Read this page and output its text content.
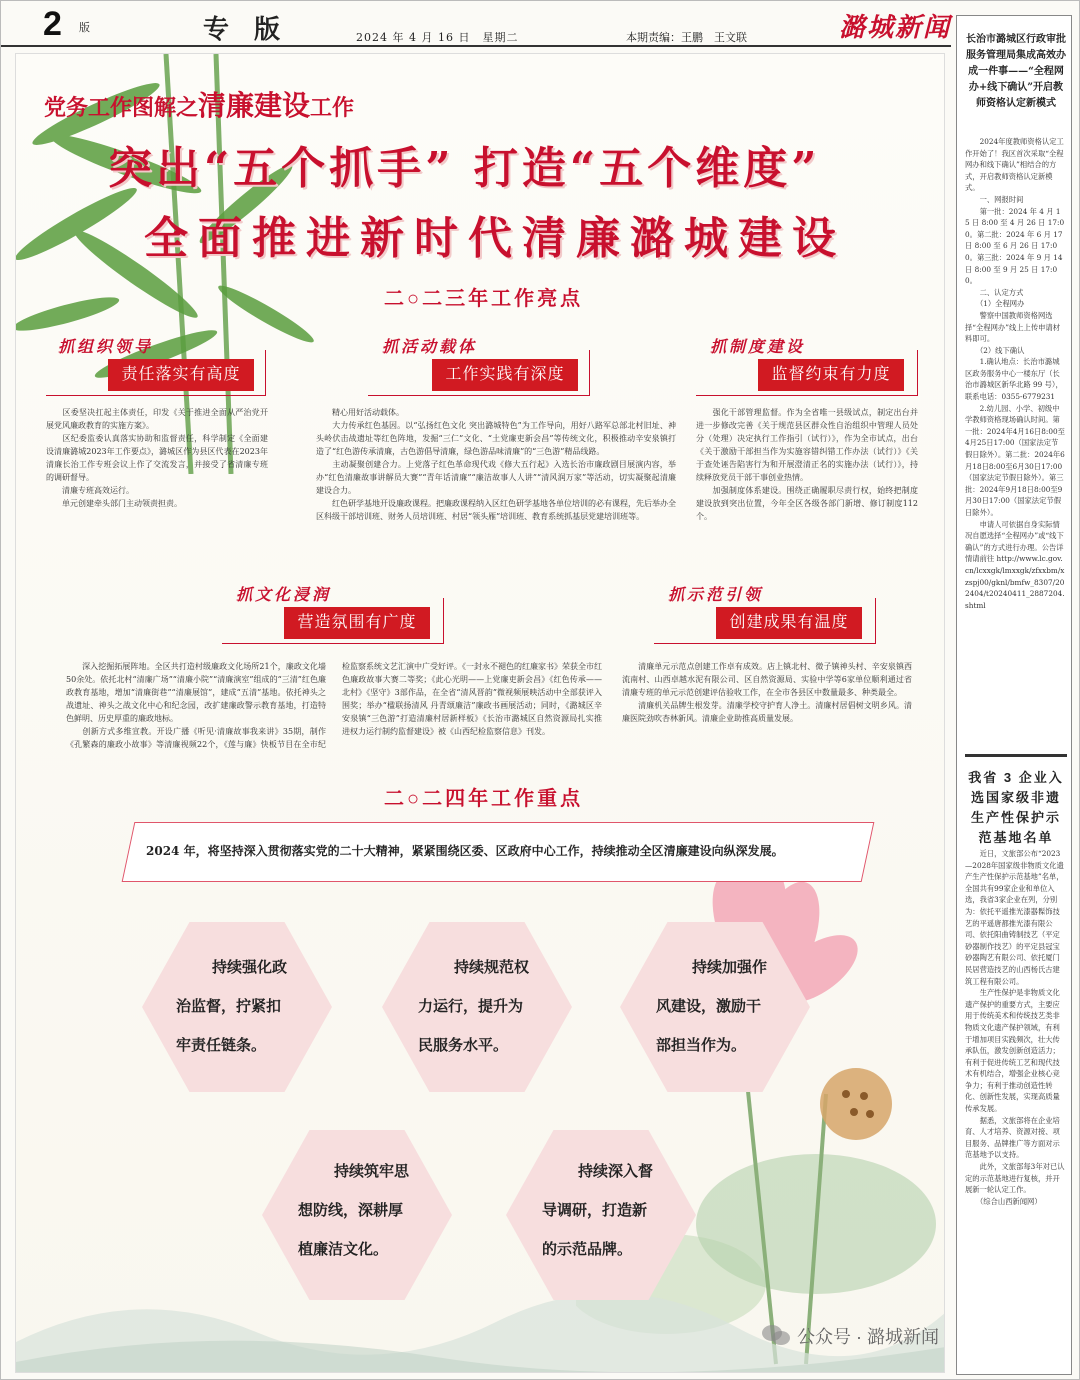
2 版	专 版	2024 年 4 月 16 日　星期二	本期责编：王鹏　王文联	潞城新闻
党务工作图解之清廉建设工作
突出“五个抓手” 打造“五个维度”
全面推进新时代清廉潞城建设
二○二三年工作亮点
抓组织领导
责任落实有高度
　　区委坚决扛起主体责任，印发《关于推进全面从严治党开展党风廉政教育的实施方案》。
　　区纪委监委认真落实协助和监督责任，科学制定《全面建设清廉潞城2023年工作要点》，潞城区作为县区代表在2023年清廉长治工作专班会议上作了交流发言，并接受了省清廉专班的调研督导。
　　清廉专班高效运行。
　　单元创建牵头部门主动领责担责。
抓活动载体
工作实践有深度
　　精心用好活动载体。
　　大力传承红色基因。以“弘扬红色文化 突出潞城特色”为工作导向，用好八路军总部北村旧址、神头岭伏击战遗址等红色阵地，发掘“三仁”文化、“土党廉吏新会昌”等传统文化，积极推动辛安泉镇打造了“红色游传承清廉，古色游倡导清廉，绿色游品味清廉”的“三色游”精品线路。
　　主动凝聚创建合力。上党落子红色革命现代戏《修大五行起》入选长治市廉政剧目展演内容，举办“红色清廉故事讲解员大赛”“青年话清廉”“廉洁故事人人讲”“清风润万家”等活动，切实凝聚起清廉建设合力。
　　红色研学基地开设廉政课程。把廉政课程纳入区红色研学基地各单位培训的必有课程，先后举办全区科级干部培训班、财务人员培训班、村居“领头雁”培训班、教育系统抓基层党建培训班等。
抓制度建设
监督约束有力度
　　强化干部管理监督。作为全省唯一县级试点，制定出台并进一步修改完善《关于规范县区群众性自治组织中管理人员处分（处理）决定执行工作指引（试行）》，作为全市试点，出台《关于激励干部担当作为实施容错纠错工作办法（试行）》《关于查处诬告陷害行为和开展澄清正名的实施办法（试行）》，持续释放党员干部干事创业热情。
　　加强制度体系建设。围绕正确履职尽责行权，始终把制度建设放到突出位置，今年全区各级各部门新增、修订制度112个。
抓文化浸润
营造氛围有广度
　　深入挖掘拓展阵地。全区共打造村级廉政文化场所21个，廉政文化墙50余处。依托北村“清廉广场”“清廉小院”“清廉演室”组成的“三清”红色廉政教育基地，增加“清廉街巷”“清廉展馆”，建成“五清”基地。依托神头之战遗址、神头之战文化中心和纪念园，改扩建廉政警示教育基地，打造特色鲜明、历史厚重的廉政地标。
　　创新方式多维宣教。开设广播《听见·清廉故事我来讲》35期，制作《孔繁森的廉政小故事》等清廉视频22个，《莲与廉》快板节目在全市纪检监察系统文艺汇演中广受好评。《一封永不褪色的红廉家书》荣获全市红色廉政故事大赛二等奖；《此心光明——上党廉吏新会昌》《红色传承——北村》《坚守》3部作品，在全省“清风晋韵”微视频展映活动中全部获评入围奖；举办“楹联扬清风 丹青颂廉洁”廉政书画展活动；同时，《潞城区辛安泉镇“三色游”打造清廉村居新样板》《长治市潞城区自然资源局扎实推进权力运行制约监督建设》被《山西纪检监察信息》刊发。
抓示范引领
创建成果有温度
　　清廉单元示范点创建工作卓有成效。店上镇北村、微子镇神头村、辛安泉镇西流南村、山西卓越水泥有限公司、区自然资源局、实验中学等6家单位顺利通过省清廉专班的单元示范创建评估验收工作，在全市各县区中数量最多、种类最全。
　　清廉机关品牌生根发芽。清廉学校守护育人净土。清廉村居倡树文明乡风。清廉医院劲吹杏林新风。清廉企业助推高质量发展。
二○二四年工作重点
2024 年，将坚持深入贯彻落实党的二十大精神，紧紧围绕区委、区政府中心工作，持续推动全区清廉建设向纵深发展。
持续强化政
治监督，拧紧扣
牢责任链条。
持续规范权
力运行，提升为
民服务水平。
持续加强作
风建设，激励干
部担当作为。
持续筑牢思
想防线，深耕厚
植廉洁文化。
持续深入督
导调研，打造新
的示范品牌。
长治市潞城区行政审批服务管理局集成高效办成一件事——“全程网办+线下确认”开启教师资格认定新模式
　　2024年度教师资格认定工作开始了！我区首次采取“全程网办和线下确认”相结合的方式，开启教师资格认定新模式。
　　一、网报时间
　　第一批：2024 年 4 月 15 日 8:00 至 4 月 26 日 17:00。第二批：2024 年 6 月 17 日 8:00 至 6 月 26 日 17:00。第三批：2024 年 9 月 14 日 8:00 至 9 月 25 日 17:00。
　　二、认定方式
　　（1）全程网办
　　警察中国教师资格网选择“全程网办”线上上传申请材料即可。
　　（2）线下确认
　　1.确认地点：长治市潞城区政务服务中心一楼东厅（长治市潞城区新华北路 99 号），联系电话：0355-6779231
　　2.幼儿园、小学、初级中学教师资格现场确认时间。第一批：2024年4月16日8:00至4月25日17:00（国家法定节假日除外）。第二批：2024年6月18日8:00至6月30日17:00（国家法定节假日除外）。第三批：2024年9月18日8:00至9月30日17:00（国家法定节假日除外）。
　　申请人可依据自身实际情况自愿选择“全程网办”或“线下确认”的方式进行办理。公告详情请前往 http://www.lc.gov.cn/lcxxgk/lmxxgk/zfxxbm/xzspj00/gknl/bmfw_8307/202404/t20240411_2887204.shtml
我省 3 企业入选国家级非遗生产性保护示范基地名单
　　近日，文旅部公布“2023—2028年国家级非物质文化遗产生产性保护示范基地”名单，全国共有99家企业和单位入选，我省3家企业在列，分别为：依托平遥推光漆器髹饰技艺的平遥唐都推光漆有限公司、依托阳曲铸制技艺（平定砂器制作技艺）的平定县冠宝砂器陶艺有限公司、依托厦门民居营造技艺的山西杨氏古建筑工程有限公司。
　　生产性保护是非物质文化遗产保护的重要方式，主要应用于传统美术和传统技艺类非物质文化遗产保护领域，有利于增加项目实践频次，壮大传承队伍，激发创新创造活力；有利于促进传统工艺和现代技术有机结合，增强企业核心竞争力；有利于推动创造性转化、创新性发展，实现高质量传承发展。
　　据悉，文旅部将在企业培育、人才培养、资源对接、项目服务、品牌推广等方面对示范基地予以支持。
　　此外，文旅部每3年对已认定的示范基地进行复核，并开展新一轮认定工作。
　　（综合山西新闻网）
公众号 · 潞城新闻
